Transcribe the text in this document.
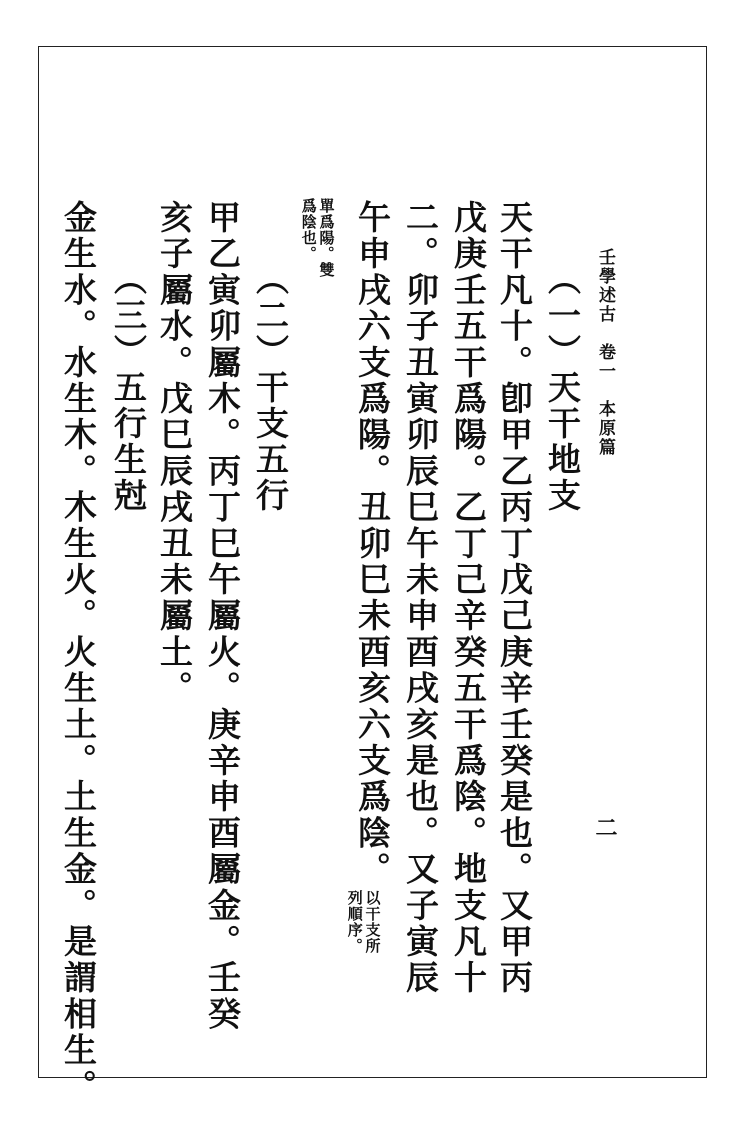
壬學述古　卷一　本原篇
二
（一）天干地支
天干凡十。卽甲乙丙丁戊己庚辛壬癸是也。又甲丙
戊庚壬五干爲陽。乙丁己辛癸五干爲陰。地支凡十
二。卯子丑寅卯辰巳午未申酉戌亥是也。又子寅辰
午申戌六支爲陽。丑卯巳未酉亥六支爲陰。
以干支所
列順序。
單爲陽。雙
爲陰也。
（二）干支五行
甲乙寅卯屬木。丙丁巳午屬火。庚辛申酉屬金。壬癸
亥子屬水。戊巳辰戌丑未屬土。
（三）五行生尅
金生水。水生木。木生火。火生土。土生金。是謂相生。
